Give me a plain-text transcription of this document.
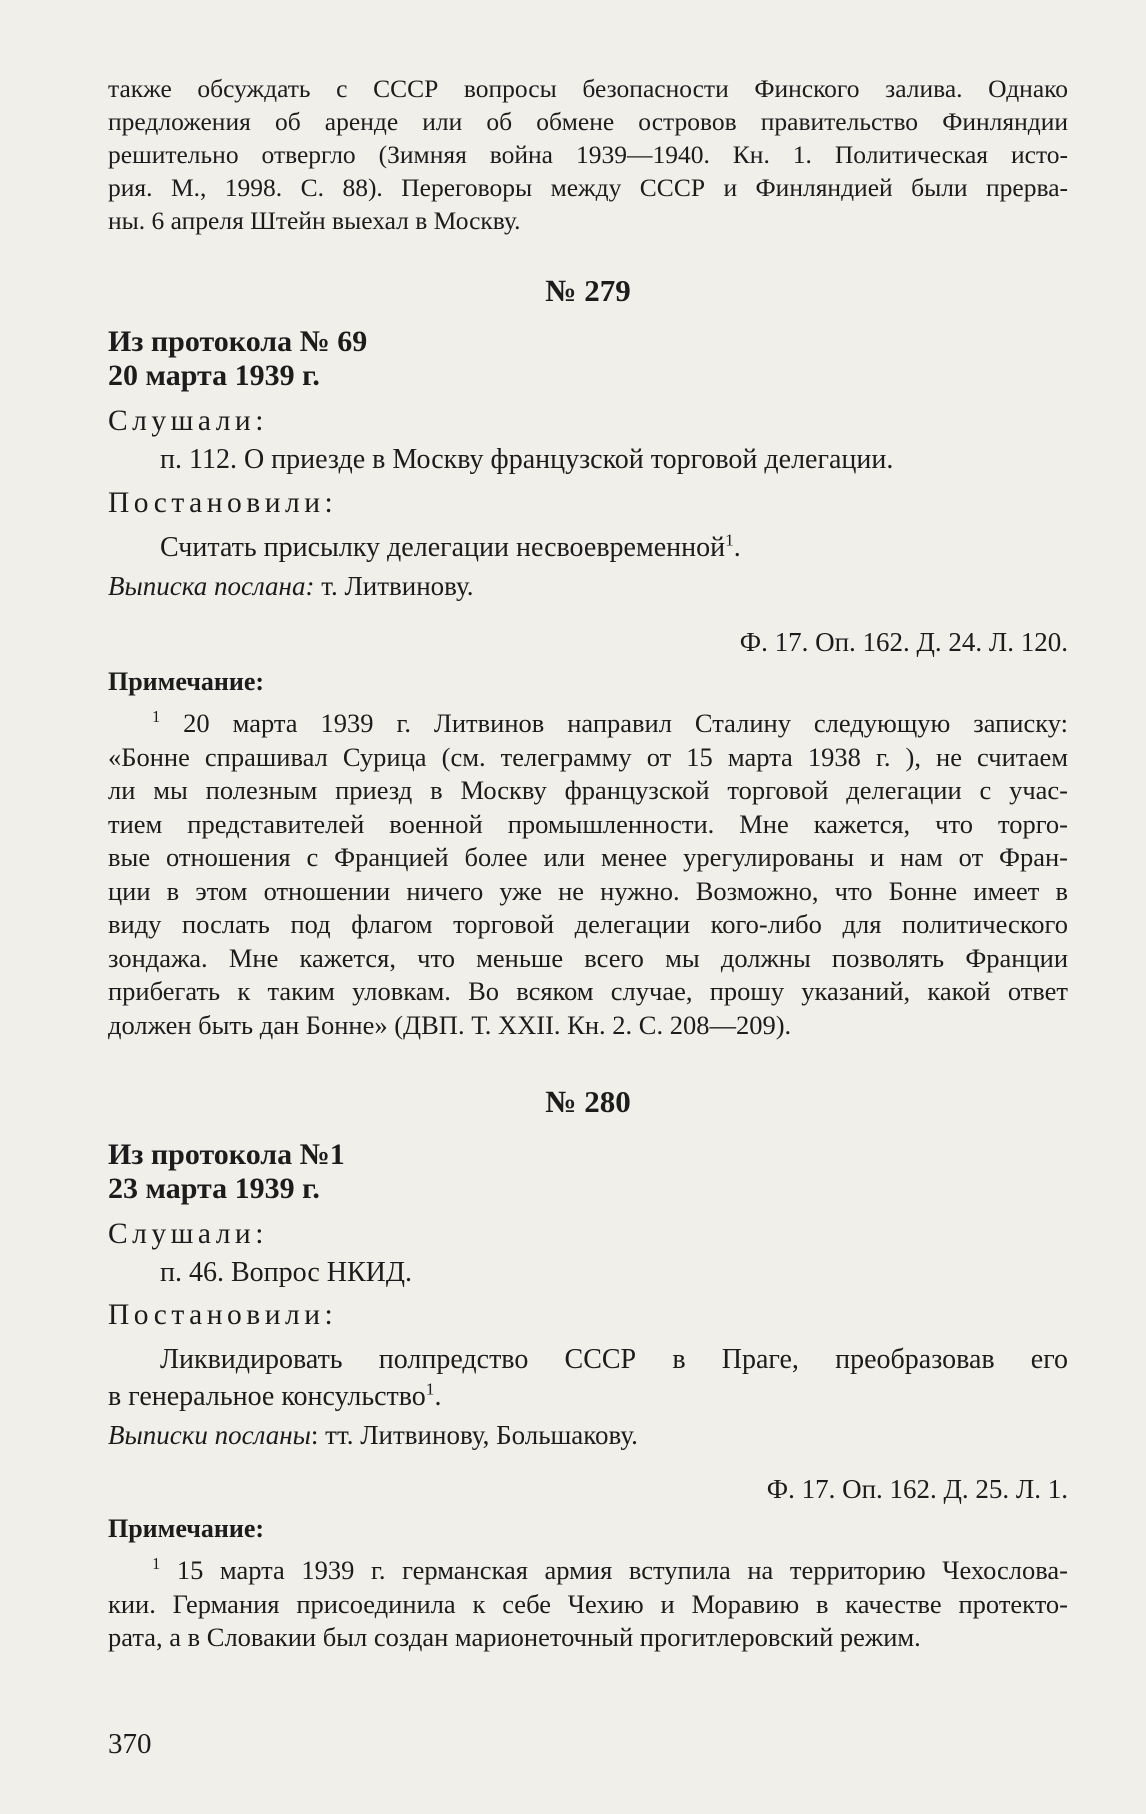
также обсуждать с СССР вопросы безопасности Финского залива. Однако

предложения об аренде или об обмене островов правительство Финляндии

решительно отвергло (Зимняя война 1939—1940. Кн. 1. Политическая исто-

рия. М., 1998. С. 88). Переговоры между СССР и Финляндией были прерва-

ны. 6 апреля Штейн выехал в Москву.

№ 279

Из протокола № 69

20 марта 1939 г.

Слушали:

п. 112. О приезде в Москву французской торговой делегации.

Постановили:

Считать присылку делегации несвоевременной$^1$.

Выписка послана: т. Литвинову.

Ф. 17. Оп. 162. Д. 24. Л. 120.

Примечание:

$^1$ 20 марта 1939 г. Литвинов направил Сталину следующую записку:

«Бонне спрашивал Сурица (см. телеграмму от 15 марта 1938 г. ), не считаем

ли мы полезным приезд в Москву французской торговой делегации с учас-

тием представителей военной промышленности. Мне кажется, что торго-

вые отношения с Францией более или менее урегулированы и нам от Фран-

ции в этом отношении ничего уже не нужно. Возможно, что Бонне имеет в

виду послать под флагом торговой делегации кого-либо для политического

зондажа. Мне кажется, что меньше всего мы должны позволять Франции

прибегать к таким уловкам. Во всяком случае, прошу указаний, какой ответ

должен быть дан Бонне» (ДВП. Т. XXII. Кн. 2. С. 208—209).

№ 280

Из протокола №1

23 марта 1939 г.

Слушали:

п. 46. Вопрос НКИД.

Постановили:

Ликвидировать полпредство СССР в Праге, преобразовав его

в генеральное консульство$^1$.

Выписки посланы: тт. Литвинову, Большакову.

Ф. 17. Оп. 162. Д. 25. Л. 1.

Примечание:

$^1$ 15 марта 1939 г. германская армия вступила на территорию Чехослова-

кии. Германия присоединила к себе Чехию и Моравию в качестве протекто-

рата, а в Словакии был создан марионеточный прогитлеровский режим.

370
